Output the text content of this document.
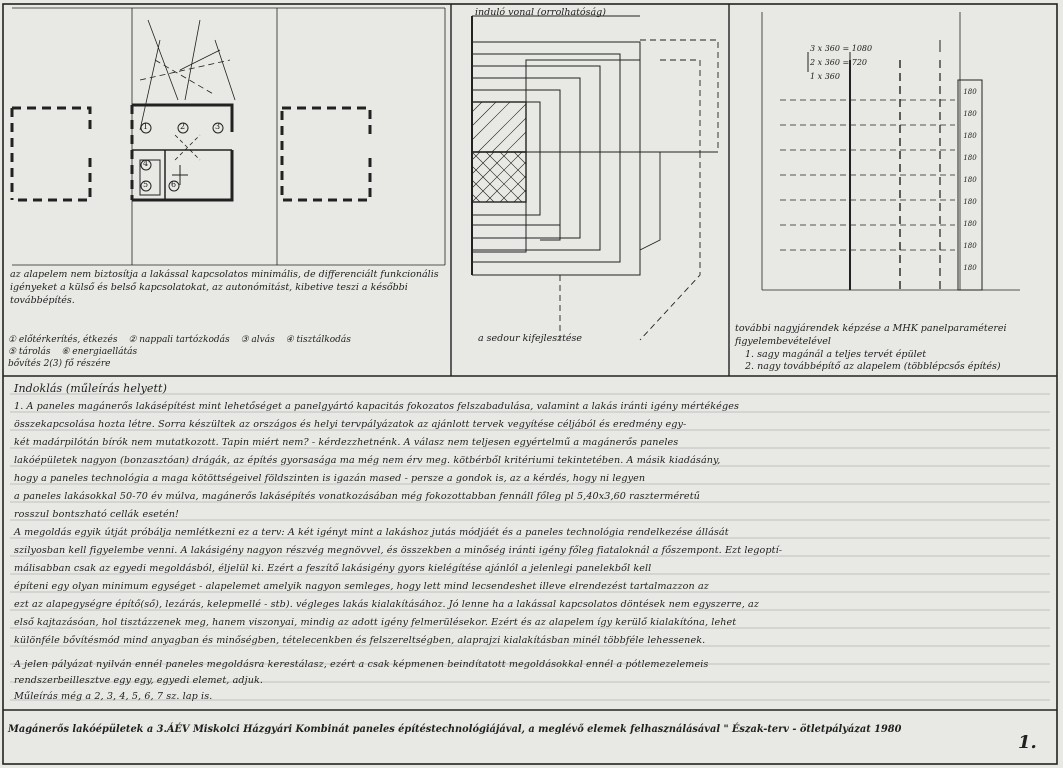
az alapelem nem biztosítja a lakással kapcsolatos minimális, de differenciált funkcionális igényeket a külső és belső kapcsolatokat, az autonómitást, kibetive teszi a későbbi továbbépítés.
① előtérkerítés, étkezés ② nappali tartózkodás ③ alvás ④ tisztálkodás
⑤ tárolás ⑥ energiaellátás
bővítés 2(3) fő részére
1	2	3
4
5	6
induló vonal (orrolhatóság)
a sedour kifejlesztése
3 x 360 = 1080
2 x 360 = 720
1 x 360
180
180
180
180
180
180
180
180
180
további nagyjárendek képzése a MHK panelparaméterei figyelembevételével
1. sagy magánál a teljes tervét épület
2. nagy továbbépítő az alapelem (többlépcsős építés)
Indoklás (műleírás helyett)
1. A paneles magánerős lakásépítést mint lehetőséget a panelgyártó kapacitás fokozatos felszabadulása, valamint a lakás iránti igény mértékéges
összekapcsolása hozta létre. Sorra készültek az országos és helyi tervpályázatok az ajánlott tervek vegyítése céljából és eredmény egy-
két madárpilótán bírók nem mutatkozott. Tapin miért nem? - kérdezzhetnénk. A válasz nem teljesen egyértelmű a magánerős paneles
lakóépületek nagyon (bonzasztóan) drágák, az építés gyorsasága ma még nem érv meg. kötbérből kritériumi tekintetében. A másik kiadásány,
hogy a paneles technológia a maga kötöttségeivel földszinten is igazán mased - persze a gondok is, az a kérdés, hogy ni legyen
a paneles lakásokkal 50-70 év múlva, magánerős lakásépítés vonatkozásában még fokozottabban fennáll főleg pl 5,40x3,60 raszterméretű
rosszul bontszható cellák esetén!
A megoldás egyik útját próbálja nemlétkezni ez a terv: A két igényt mint a lakáshoz jutás módjáét és a paneles technológia rendelkezése állását
szilyosban kell figyelembe venni. A lakásigény nagyon részvég megnövvel, és összekben a minőség iránti igény főleg fiataloknál a főszempont. Ezt legoptí-
málisabban csak az egyedi megoldásból, éljelül ki. Ezért a feszítő lakásigény gyors kielégítése ajánlól a jelenlegi panelekből kell
építeni egy olyan minimum egységet - alapelemet amelyik nagyon semleges, hogy lett mind lecsendeshet illeve elrendezést tartalmazzon az
ezt az alapegységre építő(ső), lezárás, kelepmellé - stb). végleges lakás kialakításához. Jó lenne ha a lakással kapcsolatos döntések nem egyszerre, az
első kajtazásóan, hol tisztázzenek meg, hanem viszonyai, mindig az adott igény felmerülésekor. Ezért és az alapelem így kerülő kialakítóna, lehet
különféle bővítésmód mind anyagban és minőségben, tételecenkben és felszereltségben, alaprajzi kialakításban minél többféle lehessenek.
A jelen pályázat nyilván ennél paneles megoldásra kerestálasz, ezért a csak képmenen beindítatott megoldásokkal ennél a pótlemezelemeis
rendszerbeillesztve egy egy, egyedi elemet, adjuk.
Műleírás még a 2, 3, 4, 5, 6, 7 sz. lap is.
Magánerős lakóépületek a 3.ÁÉV Miskolci Házgyári Kombinát paneles építéstechnológiájával, a meglévő elemek felhasználásával " Észak-terv - ötletpályázat 1980
1.
